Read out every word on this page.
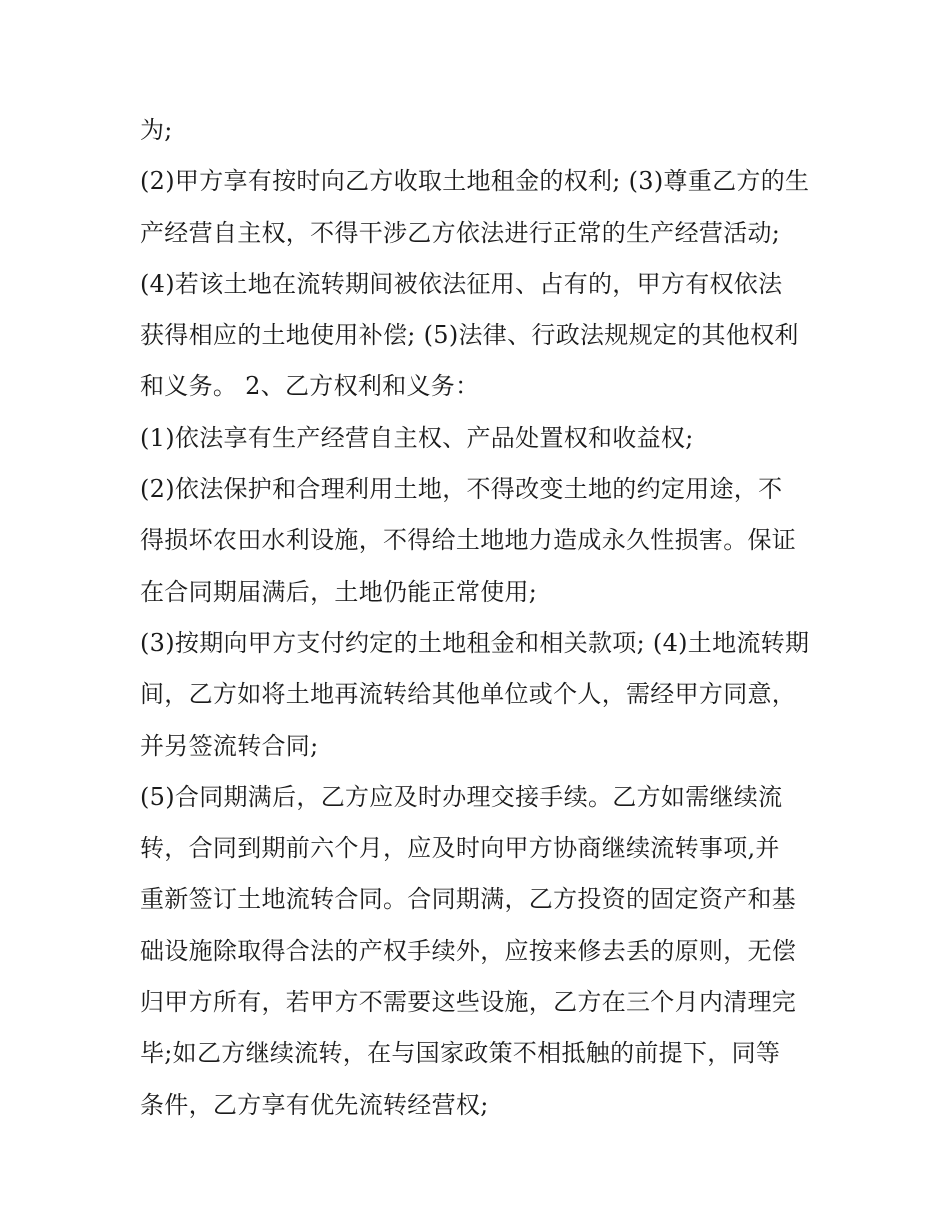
为;
(2)甲方享有按时向乙方收取土地租金的权利; (3)尊重乙方的生
产经营自主权，不得干涉乙方依法进行正常的生产经营活动;
(4)若该土地在流转期间被依法征用、占有的，甲方有权依法
获得相应的土地使用补偿; (5)法律、行政法规规定的其他权利
和义务。 2、乙方权利和义务：
(1)依法享有生产经营自主权、产品处置权和收益权;
(2)依法保护和合理利用土地，不得改变土地的约定用途，不
得损坏农田水利设施，不得给土地地力造成永久性损害。保证
在合同期届满后，土地仍能正常使用;
(3)按期向甲方支付约定的土地租金和相关款项; (4)土地流转期
间，乙方如将土地再流转给其他单位或个人，需经甲方同意，
并另签流转合同;
(5)合同期满后，乙方应及时办理交接手续。乙方如需继续流
转，合同到期前六个月，应及时向甲方协商继续流转事项,并
重新签订土地流转合同。合同期满，乙方投资的固定资产和基
础设施除取得合法的产权手续外，应按来修去丢的原则，无偿
归甲方所有，若甲方不需要这些设施，乙方在三个月内清理完
毕;如乙方继续流转，在与国家政策不相抵触的前提下，同等
条件，乙方享有优先流转经营权;
